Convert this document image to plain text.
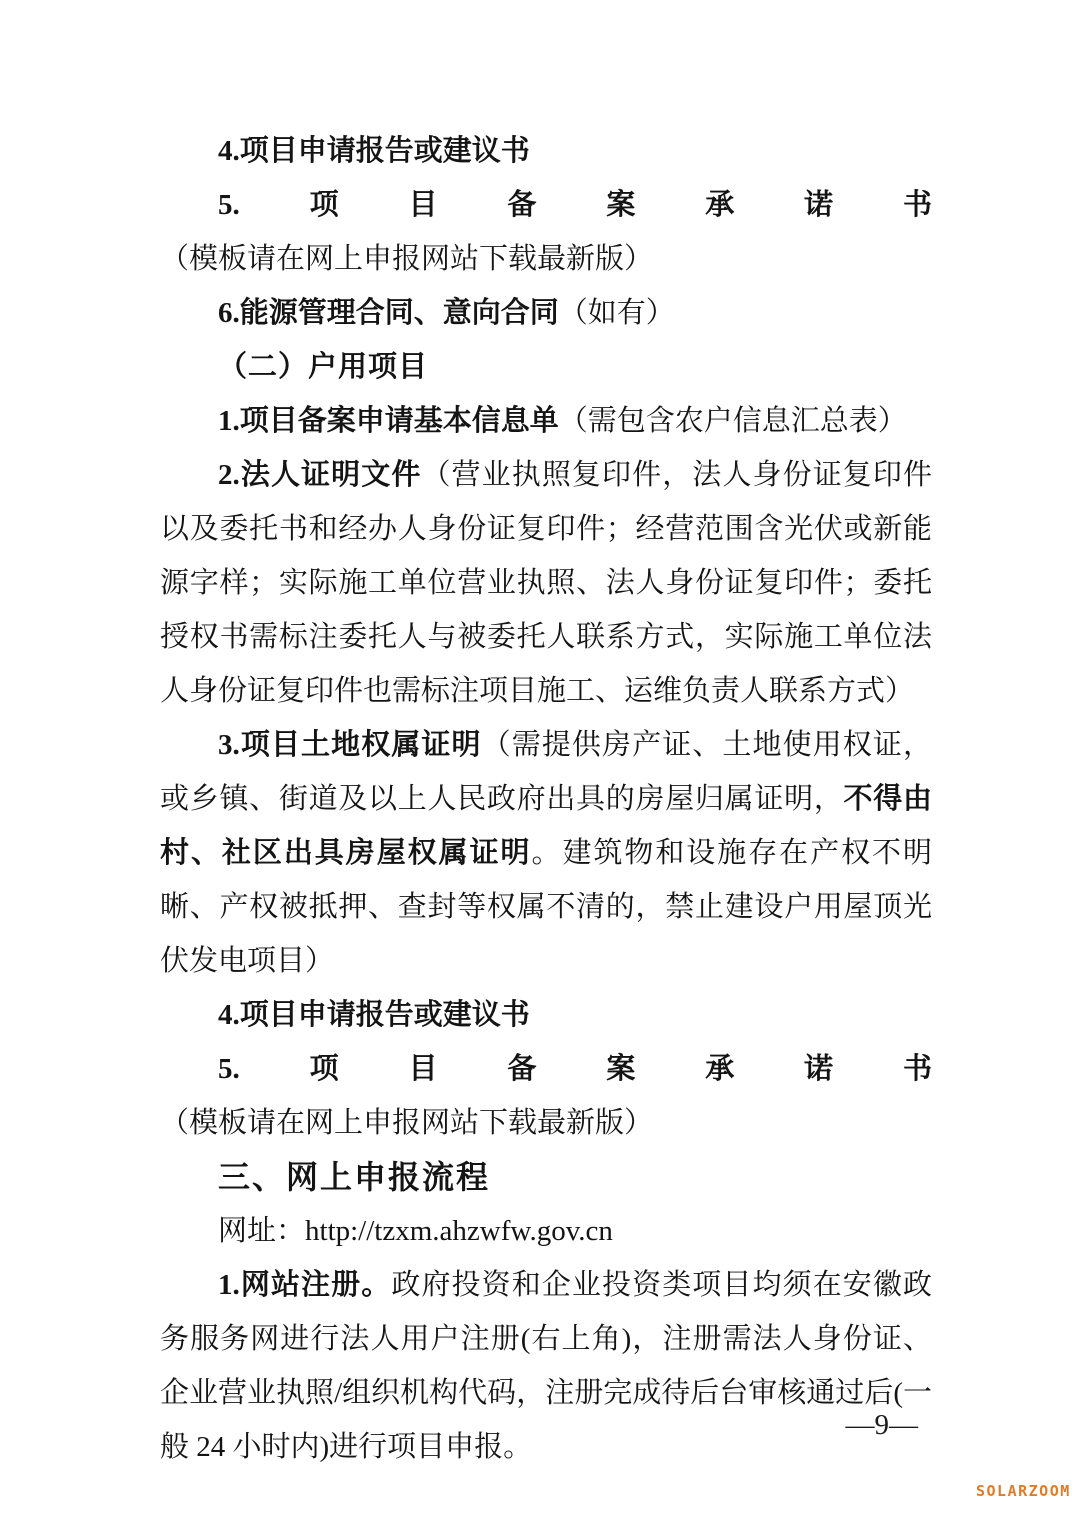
4.项目申请报告或建议书

5.项目备案承诺书（模板请在网上申报网站下载最新版）

6.能源管理合同、意向合同（如有）

（二）户用项目

1.项目备案申请基本信息单（需包含农户信息汇总表）

2.法人证明文件（营业执照复印件，法人身份证复印件以及委托书和经办人身份证复印件；经营范围含光伏或新能源字样；实际施工单位营业执照、法人身份证复印件；委托授权书需标注委托人与被委托人联系方式，实际施工单位法人身份证复印件也需标注项目施工、运维负责人联系方式）

3.项目土地权属证明（需提供房产证、土地使用权证，或乡镇、街道及以上人民政府出具的房屋归属证明，不得由村、社区出具房屋权属证明。建筑物和设施存在产权不明晰、产权被抵押、查封等权属不清的，禁止建设户用屋顶光伏发电项目）

4.项目申请报告或建议书

5.项目备案承诺书（模板请在网上申报网站下载最新版）

三、网上申报流程

网址：http://tzxm.ahzwfw.gov.cn

1.网站注册。政府投资和企业投资类项目均须在安徽政务服务网进行法人用户注册(右上角)，注册需法人身份证、企业营业执照/组织机构代码，注册完成待后台审核通过后(一般 24 小时内)进行项目申报。

—9—
SOLARZOOM
